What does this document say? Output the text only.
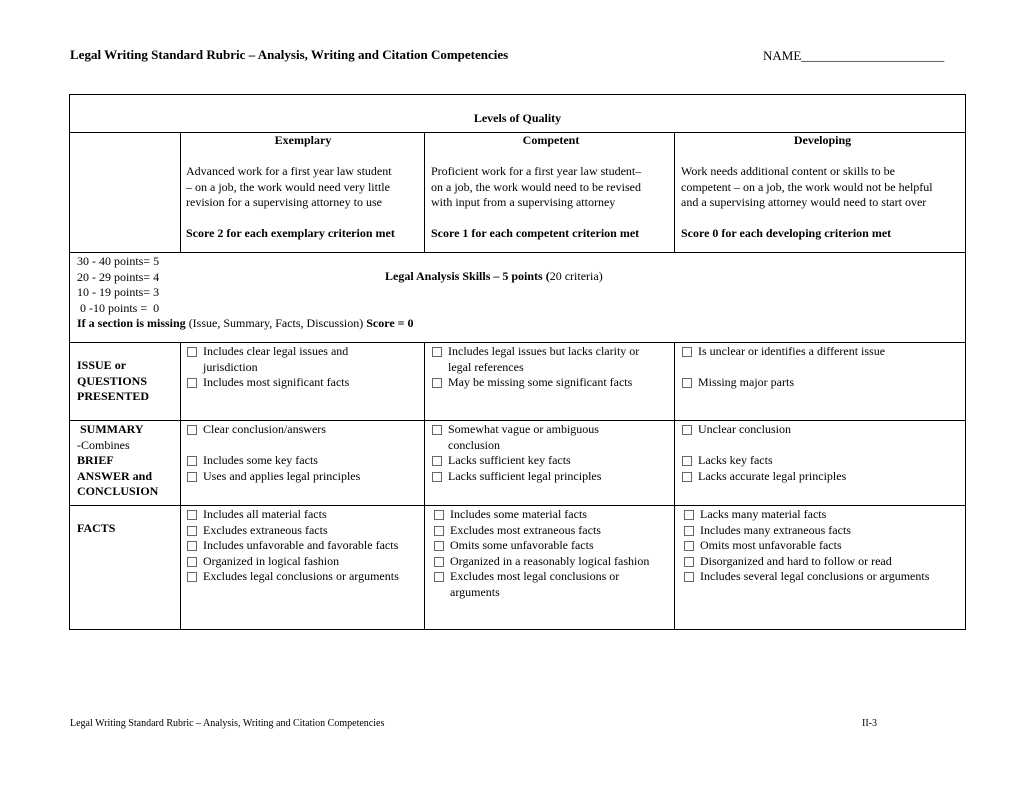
Legal Writing Standard Rubric – Analysis, Writing and Citation Competencies	NAME______________________
Levels of Quality
Exemplary
Advanced work for a first year law student
– on a job, the work would need very little
revision for a supervising attorney to use
Score 2 for each exemplary criterion met
Competent
Proficient work for a first year law student–
on a job, the work would need to be revised
with input from a supervising attorney
Score 1 for each competent criterion met
Developing
Work needs additional content or skills to be
competent – on a job, the work would not be helpful
and a supervising attorney would need to start over
Score 0 for each developing criterion met
30 - 40 points= 5
20 - 29 points= 4
10 - 19 points= 3
0 -10 points =  0
If a section is missing (Issue, Summary, Facts, Discussion) Score = 0
Legal Analysis Skills – 5 points (20 criteria)
ISSUE or
QUESTIONS
PRESENTED
Includes clear legal issues and
jurisdiction
Includes most significant facts
Includes legal issues but lacks clarity or
legal references
May be missing some significant facts
Is unclear or identifies a different issue
Missing major parts
SUMMARY
-Combines
BRIEF
ANSWER and
CONCLUSION
Clear conclusion/answers
Includes some key facts
Uses and applies legal principles
Somewhat vague or ambiguous
conclusion
Lacks sufficient key facts
Lacks sufficient legal principles
Unclear conclusion
Lacks key facts
Lacks accurate legal principles
FACTS
Includes all material facts
Excludes extraneous facts
Includes unfavorable and favorable facts
Organized in logical fashion
Excludes legal conclusions or arguments
Includes some material facts
Excludes most extraneous facts
Omits some unfavorable facts
Organized in a reasonably logical fashion
Excludes most legal conclusions or
arguments
Lacks many material facts
Includes many extraneous facts
Omits most unfavorable facts
Disorganized and hard to follow or read
Includes several legal conclusions or arguments
Legal Writing Standard Rubric – Analysis, Writing and Citation Competencies	II-3
